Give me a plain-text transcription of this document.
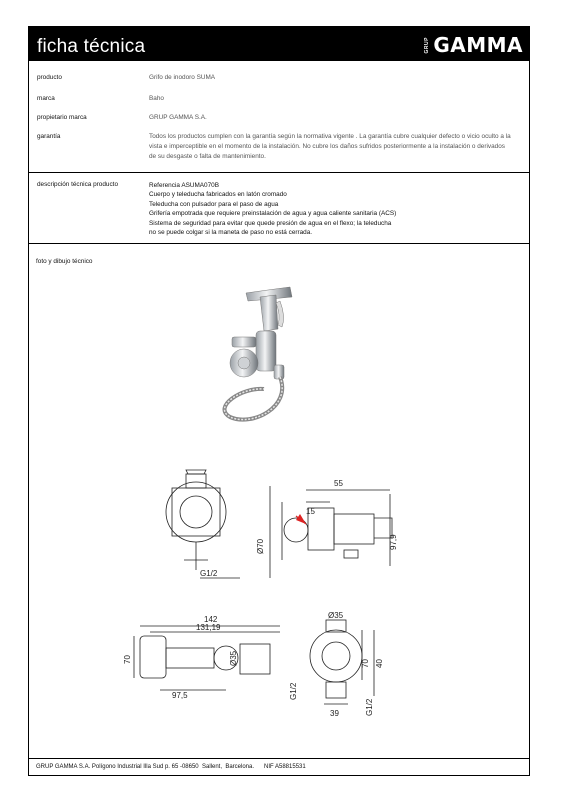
ficha técnica	GRUP GAMMA
producto	Grifo de inodoro SUMA
marca	Baho
propietario marca	GRUP GAMMA S.A.
garantía	Todos los productos cumplen con la garantía según la normativa vigente . La garantía cubre cualquier defecto o vicio oculto a la
vista e imperceptible en el momento de la instalación. No cubre los daños sufridos posteriormente a la instalación o derivados
de su desgaste o falta de mantenimiento.
descripción técnica producto	Referencia ASUMA070B
Cuerpo y teleducha fabricados en latón cromado
Teleducha con pulsador para el paso de agua
Grifería empotrada que requiere preinstalación de agua y agua caliente sanitaria (ACS)
Sistema de seguridad para evitar que quede presión de agua en el flexo; la teleducha
no se puede colgar si la maneta de paso no está cerrada.
foto y dibujo técnico
GRUP GAMMA S.A. Polígono Industrial Illa Sud p. 65 -08650  Sallent,  Barcelona.      NIF A58815531
G1/2
55
15
Ø70	97,9
142
131,19
70	Ø35
97,5
Ø35
70 40
G1/2
G1/2
39
